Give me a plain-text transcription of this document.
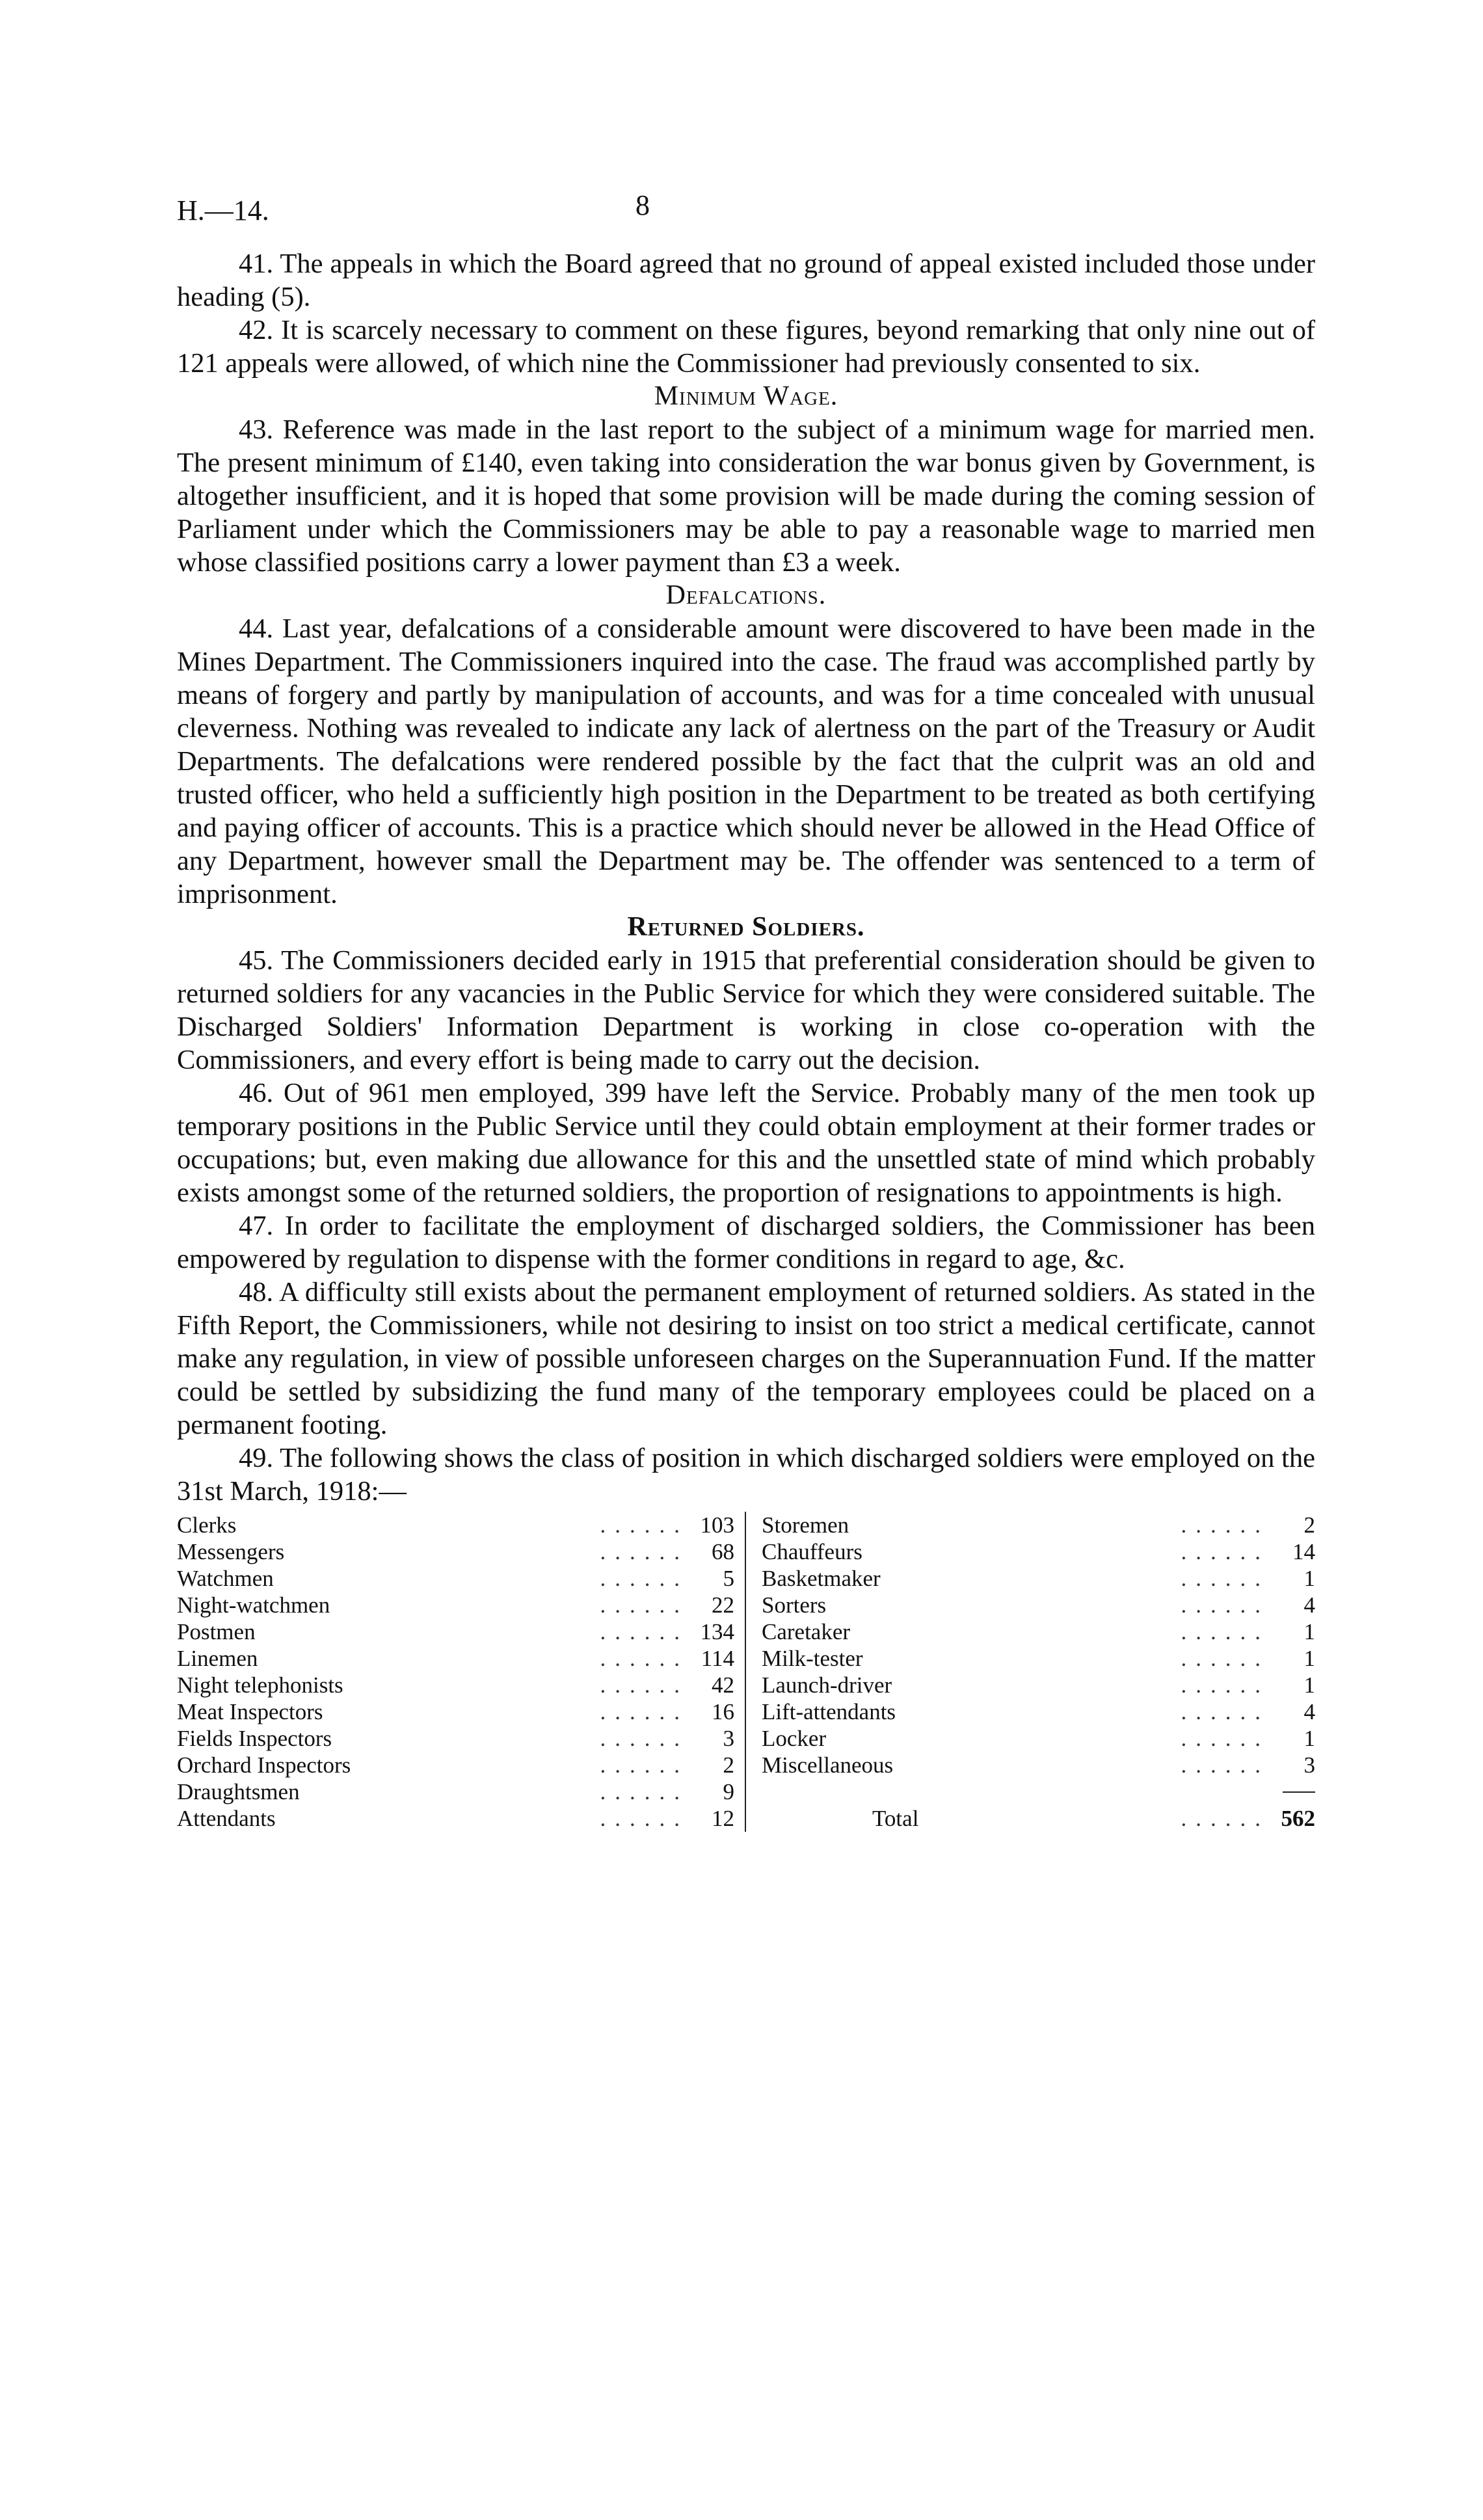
H.—14.	8

41. The appeals in which the Board agreed that no ground of appeal existed included those under heading (5).

42. It is scarcely necessary to comment on these figures, beyond remarking that only nine out of 121 appeals were allowed, of which nine the Commissioner had previously consented to six.

Minimum Wage.

43. Reference was made in the last report to the subject of a minimum wage for married men. The present minimum of £140, even taking into consideration the war bonus given by Government, is altogether insufficient, and it is hoped that some provision will be made during the coming session of Parliament under which the Commissioners may be able to pay a reasonable wage to married men whose classified positions carry a lower payment than £3 a week.

Defalcations.

44. Last year, defalcations of a considerable amount were discovered to have been made in the Mines Department. The Commissioners inquired into the case. The fraud was accomplished partly by means of forgery and partly by manipulation of accounts, and was for a time concealed with unusual cleverness. Nothing was revealed to indicate any lack of alertness on the part of the Treasury or Audit Departments. The defalcations were rendered possible by the fact that the culprit was an old and trusted officer, who held a sufficiently high position in the Department to be treated as both certifying and paying officer of accounts. This is a practice which should never be allowed in the Head Office of any Department, however small the Department may be. The offender was sentenced to a term of imprisonment.

Returned Soldiers.

45. The Commissioners decided early in 1915 that preferential consideration should be given to returned soldiers for any vacancies in the Public Service for which they were considered suitable. The Discharged Soldiers' Information Department is working in close co-operation with the Commissioners, and every effort is being made to carry out the decision.

46. Out of 961 men employed, 399 have left the Service. Probably many of the men took up temporary positions in the Public Service until they could obtain employment at their former trades or occupations; but, even making due allowance for this and the unsettled state of mind which probably exists amongst some of the returned soldiers, the proportion of resignations to appointments is high.

47. In order to facilitate the employment of discharged soldiers, the Commissioner has been empowered by regulation to dispense with the former conditions in regard to age, &c.

48. A difficulty still exists about the permanent employment of returned soldiers. As stated in the Fifth Report, the Commissioners, while not desiring to insist on too strict a medical certificate, cannot make any regulation, in view of possible unforeseen charges on the Superannuation Fund. If the matter could be settled by subsidizing the fund many of the temporary employees could be placed on a permanent footing.

49. The following shows the class of position in which discharged soldiers were employed on the 31st March, 1918:—

Clerks	...... 103
Messengers	......	68
Watchmen	......	5
Night-watchmen	......	22
Postmen	...... 134
Linemen	...... 114
Night telephonists	......	42
Meat Inspectors	......	16
Fields Inspectors	......	3
Orchard Inspectors	......	2
Draughtsmen	......	9
Attendants	......	12
Storemen	......	2
Chauffeurs	......	14
Basketmaker	......	1
Sorters	......	4
Caretaker	......	1
Milk-tester	......	1
Launch-driver	......	1
Lift-attendants	......	4
Locker	......	1
Miscellaneous	......	3
Total	...... 562
